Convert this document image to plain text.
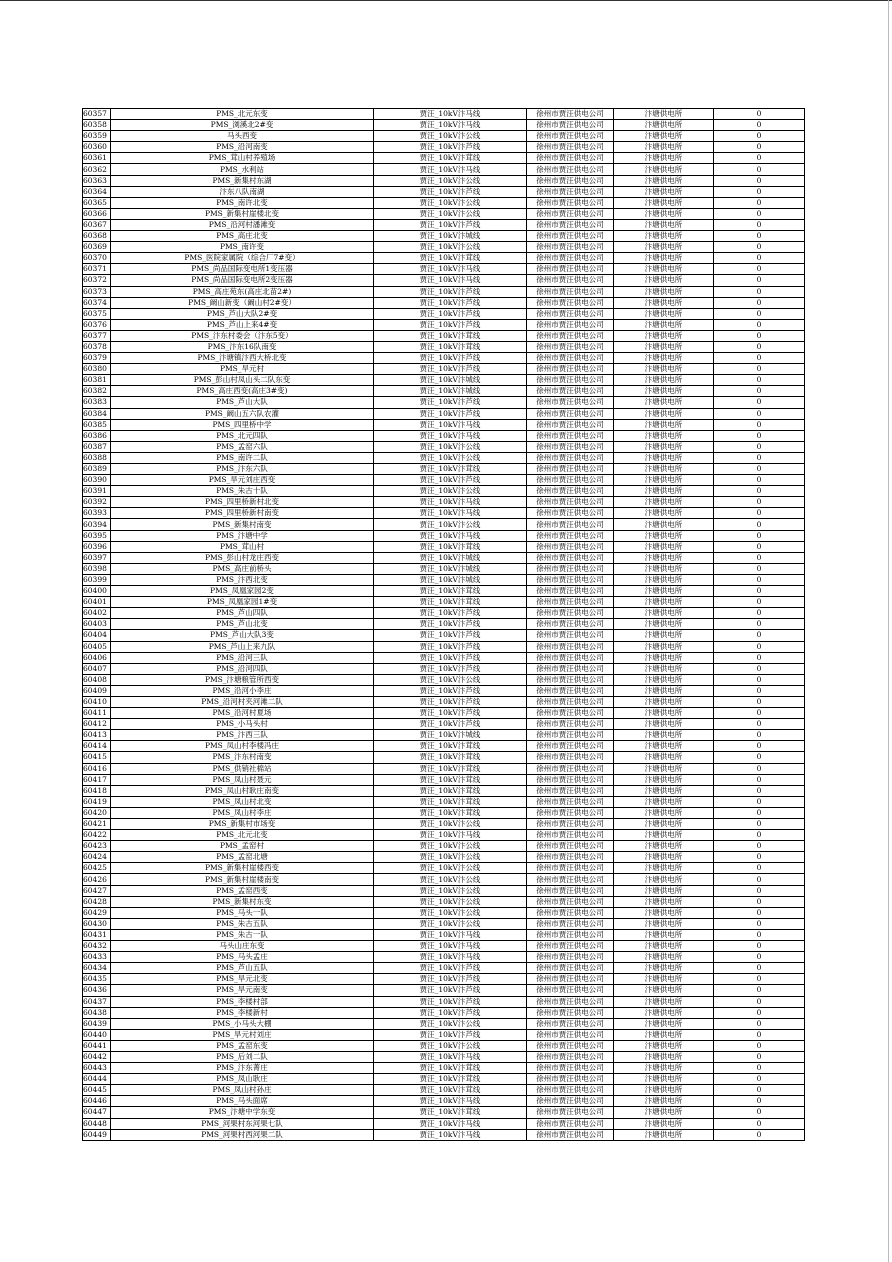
60357	PMS_北元东变	贾汪_10kV汴马线	徐州市贾汪供电公司	汴塘供电所	0
60358	PMS_浏溪北2#变	贾汪_10kV汴马线	徐州市贾汪供电公司	汴塘供电所	0
60359	马头西变	贾汪_10kV汴公线	徐州市贾汪供电公司	汴塘供电所	0
60360	PMS_沿河南变	贾汪_10kV汴芦线	徐州市贾汪供电公司	汴塘供电所	0
60361	PMS_茸山村养殖场	贾汪_10kV汴茸线	徐州市贾汪供电公司	汴塘供电所	0
60362	PMS_水利站	贾汪_10kV汴马线	徐州市贾汪供电公司	汴塘供电所	0
60363	PMS_新集村东湖	贾汪_10kV汴公线	徐州市贾汪供电公司	汴塘供电所	0
60364	汴东八队南湖	贾汪_10kV汴芦线	徐州市贾汪供电公司	汴塘供电所	0
60365	PMS_南许北变	贾汪_10kV汴公线	徐州市贾汪供电公司	汴塘供电所	0
60366	PMS_新集村崖楼北变	贾汪_10kV汴公线	徐州市贾汪供电公司	汴塘供电所	0
60367	PMS_沿河村潘滩变	贾汪_10kV汴芦线	徐州市贾汪供电公司	汴塘供电所	0
60368	PMS_高庄北变	贾汪_10kV汴城线	徐州市贾汪供电公司	汴塘供电所	0
60369	PMS_南许变	贾汪_10kV汴公线	徐州市贾汪供电公司	汴塘供电所	0
60370	PMS_医院家属院（综合厂7#变）	贾汪_10kV汴茸线	徐州市贾汪供电公司	汴塘供电所	0
60371	PMS_尚品国际变电所1变压器	贾汪_10kV汴马线	徐州市贾汪供电公司	汴塘供电所	0
60372	PMS_尚品国际变电所2变压器	贾汪_10kV汴马线	徐州市贾汪供电公司	汴塘供电所	0
60373	PMS_高庄苑东(高庄北苗2#)	贾汪_10kV汴芦线	徐州市贾汪供电公司	汴塘供电所	0
60374	PMS_阚山新变（阚山村2#变）	贾汪_10kV汴芦线	徐州市贾汪供电公司	汴塘供电所	0
60375	PMS_芦山大队2#变	贾汪_10kV汴芦线	徐州市贾汪供电公司	汴塘供电所	0
60376	PMS_芦山上来4#变	贾汪_10kV汴芦线	徐州市贾汪供电公司	汴塘供电所	0
60377	PMS_汴东村委会（汴东5变）	贾汪_10kV汴茸线	徐州市贾汪供电公司	汴塘供电所	0
60378	PMS_汴东16队南变	贾汪_10kV汴茸线	徐州市贾汪供电公司	汴塘供电所	0
60379	PMS_汴塘镇汴西大桥北变	贾汪_10kV汴芦线	徐州市贾汪供电公司	汴塘供电所	0
60380	PMS_旱元村	贾汪_10kV汴芦线	徐州市贾汪供电公司	汴塘供电所	0
60381	PMS_彭山村凤山头二队东变	贾汪_10kV汴城线	徐州市贾汪供电公司	汴塘供电所	0
60382	PMS_高庄西变(高庄3#变)	贾汪_10kV汴城线	徐州市贾汪供电公司	汴塘供电所	0
60383	PMS_芦山大队	贾汪_10kV汴芦线	徐州市贾汪供电公司	汴塘供电所	0
60384	PMS_阚山五六队农灌	贾汪_10kV汴芦线	徐州市贾汪供电公司	汴塘供电所	0
60385	PMS_四里桥中学	贾汪_10kV汴马线	徐州市贾汪供电公司	汴塘供电所	0
60386	PMS_北元四队	贾汪_10kV汴马线	徐州市贾汪供电公司	汴塘供电所	0
60387	PMS_孟窑六队	贾汪_10kV汴公线	徐州市贾汪供电公司	汴塘供电所	0
60388	PMS_南许二队	贾汪_10kV汴公线	徐州市贾汪供电公司	汴塘供电所	0
60389	PMS_汴东六队	贾汪_10kV汴茸线	徐州市贾汪供电公司	汴塘供电所	0
60390	PMS_旱元刘庄西变	贾汪_10kV汴芦线	徐州市贾汪供电公司	汴塘供电所	0
60391	PMS_朱古十队	贾汪_10kV汴公线	徐州市贾汪供电公司	汴塘供电所	0
60392	PMS_四里桥新村北变	贾汪_10kV汴马线	徐州市贾汪供电公司	汴塘供电所	0
60393	PMS_四里桥新村南变	贾汪_10kV汴马线	徐州市贾汪供电公司	汴塘供电所	0
60394	PMS_新集村南变	贾汪_10kV汴公线	徐州市贾汪供电公司	汴塘供电所	0
60395	PMS_汴塘中学	贾汪_10kV汴马线	徐州市贾汪供电公司	汴塘供电所	0
60396	PMS_茸山村	贾汪_10kV汴茸线	徐州市贾汪供电公司	汴塘供电所	0
60397	PMS_彭山村龙庄西变	贾汪_10kV汴城线	徐州市贾汪供电公司	汴塘供电所	0
60398	PMS_高庄前桥头	贾汪_10kV汴城线	徐州市贾汪供电公司	汴塘供电所	0
60399	PMS_汴西北变	贾汪_10kV汴城线	徐州市贾汪供电公司	汴塘供电所	0
60400	PMS_凤凰家园2变	贾汪_10kV汴茸线	徐州市贾汪供电公司	汴塘供电所	0
60401	PMS_凤凰家园1#变	贾汪_10kV汴茸线	徐州市贾汪供电公司	汴塘供电所	0
60402	PMS_芦山四队	贾汪_10kV汴芦线	徐州市贾汪供电公司	汴塘供电所	0
60403	PMS_芦山北变	贾汪_10kV汴芦线	徐州市贾汪供电公司	汴塘供电所	0
60404	PMS_芦山大队3变	贾汪_10kV汴芦线	徐州市贾汪供电公司	汴塘供电所	0
60405	PMS_芦山上来九队	贾汪_10kV汴芦线	徐州市贾汪供电公司	汴塘供电所	0
60406	PMS_沿河三队	贾汪_10kV汴芦线	徐州市贾汪供电公司	汴塘供电所	0
60407	PMS_沿河四队	贾汪_10kV汴芦线	徐州市贾汪供电公司	汴塘供电所	0
60408	PMS_汴塘粮管所西变	贾汪_10kV汴公线	徐州市贾汪供电公司	汴塘供电所	0
60409	PMS_沿河小李庄	贾汪_10kV汴芦线	徐州市贾汪供电公司	汴塘供电所	0
60410	PMS_沿河村夹河滩二队	贾汪_10kV汴芦线	徐州市贾汪供电公司	汴塘供电所	0
60411	PMS_沿河村夏场	贾汪_10kV汴芦线	徐州市贾汪供电公司	汴塘供电所	0
60412	PMS_小马头村	贾汪_10kV汴芦线	徐州市贾汪供电公司	汴塘供电所	0
60413	PMS_汴西三队	贾汪_10kV汴城线	徐州市贾汪供电公司	汴塘供电所	0
60414	PMS_凤山村李楼冯庄	贾汪_10kV汴茸线	徐州市贾汪供电公司	汴塘供电所	0
60415	PMS_汴东村南变	贾汪_10kV汴茸线	徐州市贾汪供电公司	汴塘供电所	0
60416	PMS_供销社棉站	贾汪_10kV汴茸线	徐州市贾汪供电公司	汴塘供电所	0
60417	PMS_凤山村聂元	贾汪_10kV汴茸线	徐州市贾汪供电公司	汴塘供电所	0
60418	PMS_凤山村耿庄南变	贾汪_10kV汴茸线	徐州市贾汪供电公司	汴塘供电所	0
60419	PMS_凤山村北变	贾汪_10kV汴茸线	徐州市贾汪供电公司	汴塘供电所	0
60420	PMS_凤山村李庄	贾汪_10kV汴茸线	徐州市贾汪供电公司	汴塘供电所	0
60421	PMS_新集村市场变	贾汪_10kV汴公线	徐州市贾汪供电公司	汴塘供电所	0
60422	PMS_北元北变	贾汪_10kV汴马线	徐州市贾汪供电公司	汴塘供电所	0
60423	PMS_孟窑村	贾汪_10kV汴公线	徐州市贾汪供电公司	汴塘供电所	0
60424	PMS_孟窑北塘	贾汪_10kV汴公线	徐州市贾汪供电公司	汴塘供电所	0
60425	PMS_新集村崖楼西变	贾汪_10kV汴公线	徐州市贾汪供电公司	汴塘供电所	0
60426	PMS_新集村崖楼南变	贾汪_10kV汴公线	徐州市贾汪供电公司	汴塘供电所	0
60427	PMS_孟窑西变	贾汪_10kV汴公线	徐州市贾汪供电公司	汴塘供电所	0
60428	PMS_新集村东变	贾汪_10kV汴公线	徐州市贾汪供电公司	汴塘供电所	0
60429	PMS_马头一队	贾汪_10kV汴公线	徐州市贾汪供电公司	汴塘供电所	0
60430	PMS_朱古五队	贾汪_10kV汴公线	徐州市贾汪供电公司	汴塘供电所	0
60431	PMS_朱古一队	贾汪_10kV汴马线	徐州市贾汪供电公司	汴塘供电所	0
60432	马头山庄东变	贾汪_10kV汴马线	徐州市贾汪供电公司	汴塘供电所	0
60433	PMS_马头孟庄	贾汪_10kV汴马线	徐州市贾汪供电公司	汴塘供电所	0
60434	PMS_芦山五队	贾汪_10kV汴芦线	徐州市贾汪供电公司	汴塘供电所	0
60435	PMS_旱元北变	贾汪_10kV汴芦线	徐州市贾汪供电公司	汴塘供电所	0
60436	PMS_旱元南变	贾汪_10kV汴芦线	徐州市贾汪供电公司	汴塘供电所	0
60437	PMS_李楼村部	贾汪_10kV汴芦线	徐州市贾汪供电公司	汴塘供电所	0
60438	PMS_李楼新村	贾汪_10kV汴芦线	徐州市贾汪供电公司	汴塘供电所	0
60439	PMS_小马头大棚	贾汪_10kV汴公线	徐州市贾汪供电公司	汴塘供电所	0
60440	PMS_旱元村刘庄	贾汪_10kV汴芦线	徐州市贾汪供电公司	汴塘供电所	0
60441	PMS_孟窑东变	贾汪_10kV汴公线	徐州市贾汪供电公司	汴塘供电所	0
60442	PMS_后刘二队	贾汪_10kV汴马线	徐州市贾汪供电公司	汴塘供电所	0
60443	PMS_汴东菁庄	贾汪_10kV汴茸线	徐州市贾汪供电公司	汴塘供电所	0
60444	PMS_凤山耿庄	贾汪_10kV汴茸线	徐州市贾汪供电公司	汴塘供电所	0
60445	PMS_凤山村孙庄	贾汪_10kV汴茸线	徐州市贾汪供电公司	汴塘供电所	0
60446	PMS_马头面席	贾汪_10kV汴马线	徐州市贾汪供电公司	汴塘供电所	0
60447	PMS_汴塘中学东变	贾汪_10kV汴茸线	徐州市贾汪供电公司	汴塘供电所	0
60448	PMS_河果村东河果七队	贾汪_10kV汴马线	徐州市贾汪供电公司	汴塘供电所	0
60449	PMS_河果村西河果二队	贾汪_10kV汴马线	徐州市贾汪供电公司	汴塘供电所	0
